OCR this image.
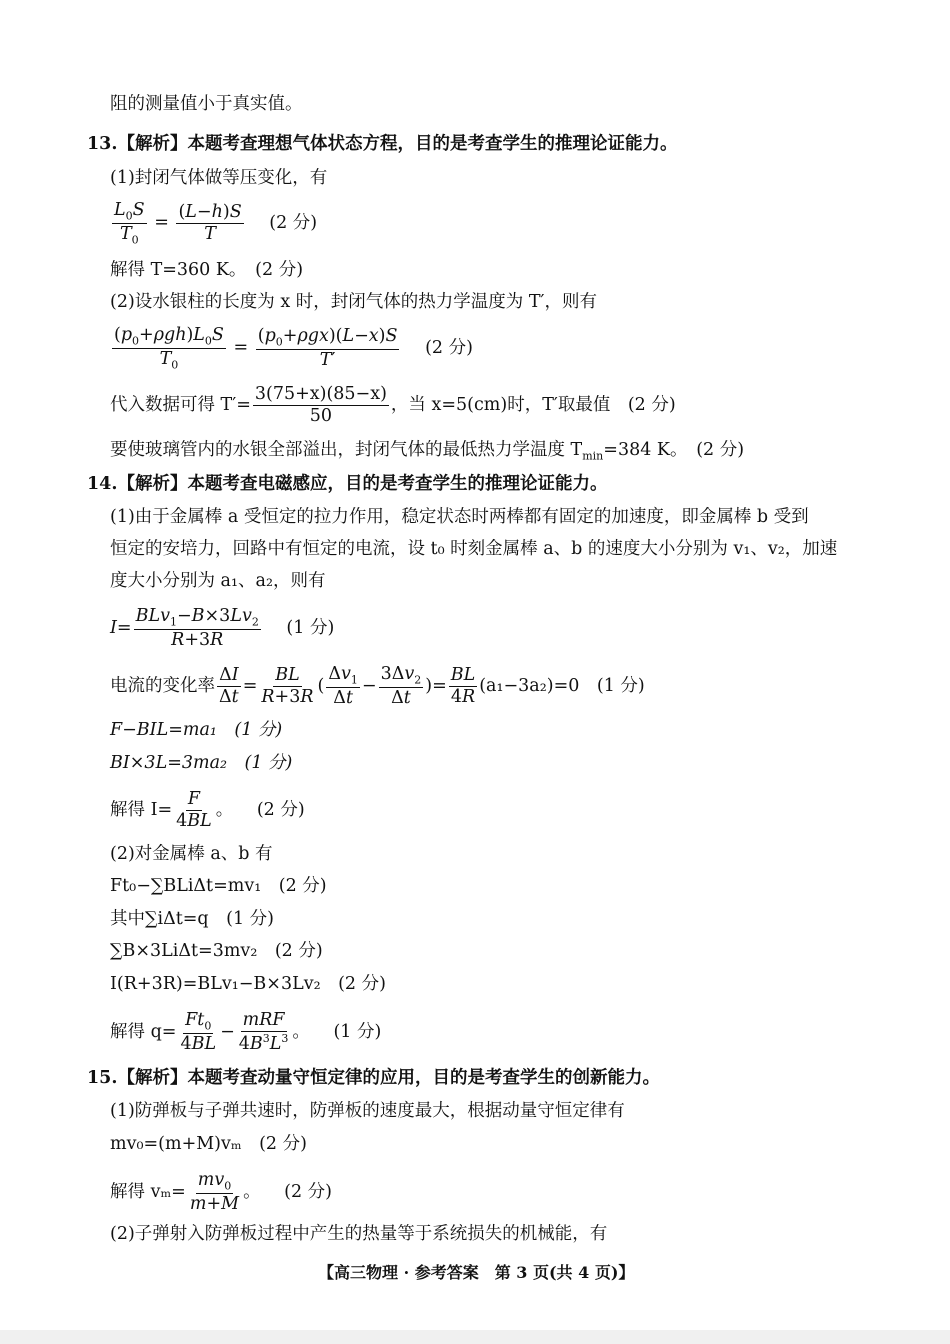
阻的测量值小于真实值。
13.【解析】本题考查理想气体状态方程，目的是考查学生的推理论证能力。
(1)封闭气体做等压变化，有
$\frac{L_0S}{T_0} = \frac{(L-h)S}{T} (2$ 分)
解得 T=360 K。　(2 分)
(2)设水银柱的长度为 x 时，封闭气体的热力学温度为 T′，则有
$(p_0+\rho gh)L_0S$
$T_0$
=
$(p_0+\rho gx)(L-x)S$
T′
(2 分)
代入数据可得 $T'= \frac{3(75+x)(85-x)}{50}$ ，当 x=5(cm)时，T′取最值　(2 分)
要使玻璃管内的水银全部溢出，封闭气体的最低热力学温度 $T_{min}=384$ K。　(2 分)
14.【解析】本题考查电磁感应，目的是考查学生的推理论证能力。
(1)由于金属棒 a 受恒定的拉力作用，稳定状态时两棒都有固定的加速度，即金属棒 b 受到
恒定的安培力，回路中有恒定的电流，设 t₀ 时刻金属棒 a、b 的速度大小分别为 v₁、v₂，加速
度大小分别为 a₁、a₂，则有
I=
$BLv_1-B\times 3Lv_2$
R+3R
(1 分)
电流的变化率 $\frac{\Delta I}{\Delta t} = \frac{BL}{R+3R}$ ( $\frac{\Delta v_1}{\Delta t} - \frac{3\Delta v_2}{\Delta t}$ )= $\frac{BL}{4R} (a_1-3a_2)=0$　(1 分)
F−BIL=ma₁　(1 分)
BI×3L=3ma₂　(1 分)
解得 $I= \frac{F}{4BL}$ 。 (2 分)
(2)对金属棒 a、b 有
Ft₀−∑BLiΔt=mv₁　(2 分)
其中∑iΔt=q　(1 分)
∑B×3LiΔt=3mv₂　(2 分)
I(R+3R)=BLv₁−B×3Lv₂　(2 分)
解得 $q= \frac{Ft_0}{4BL}$ −
mRF
$4B^3L^3$ 。 (1 分)
15.【解析】本题考查动量守恒定律的应用，目的是考查学生的创新能力。
(1)防弹板与子弹共速时，防弹板的速度最大，根据动量守恒定律有
mv₀=(m+M)vₘ　(2 分)
解得 $v_m= \frac{mv_0}{m+M}$ 。 (2 分)
(2)子弹射入防弹板过程中产生的热量等于系统损失的机械能，有
【高三物理 · 参考答案　第 3 页(共 4 页)】
